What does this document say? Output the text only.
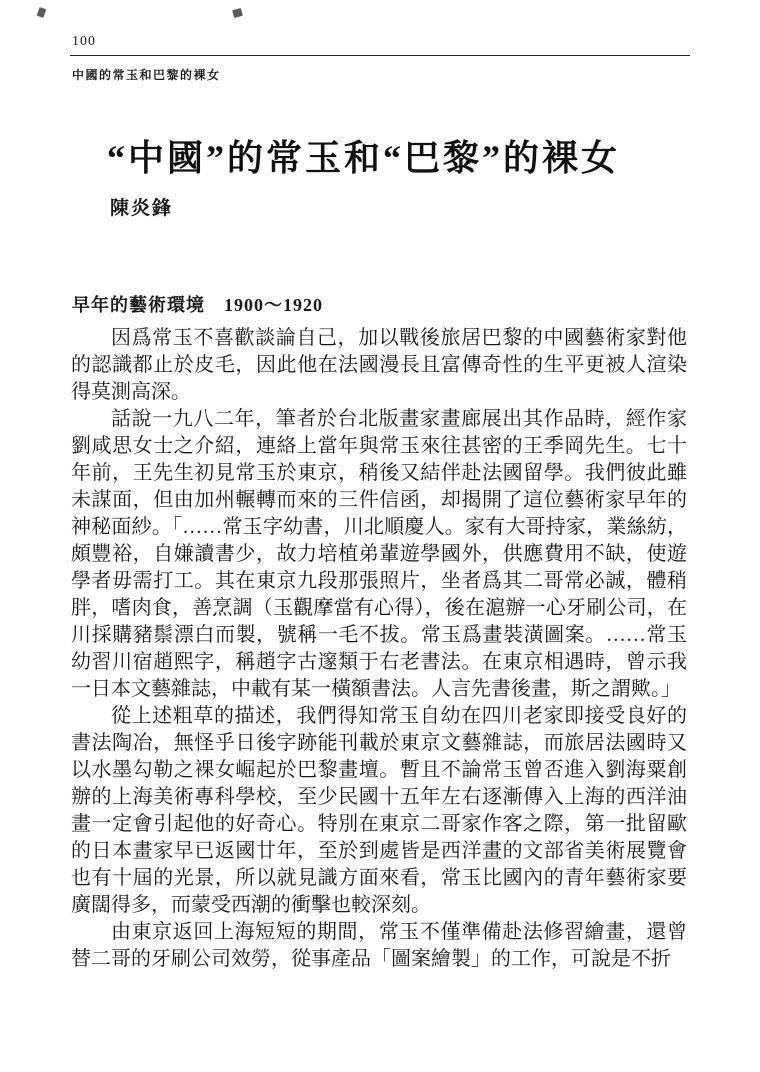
100
中國的常玉和巴黎的裸女
“中國”的常玉和“巴黎”的裸女
陳炎鋒
早年的藝術環境　1900～1920

因爲常玉不喜歡談論自己，加以戰後旅居巴黎的中國藝術家對他的認識都止於皮毛，因此他在法國漫長且富傳奇性的生平更被人渲染得莫測高深。

話說一九八二年，筆者於台北版畫家畫廊展出其作品時，經作家劉咸思女士之介紹，連絡上當年與常玉來往甚密的王季岡先生。七十年前，王先生初見常玉於東京，稍後又結伴赴法國留學。我們彼此雖未謀面，但由加州輾轉而來的三件信函，却揭開了這位藝術家早年的神秘面紗。「……常玉字幼書，川北順慶人。家有大哥持家，業絲紡，頗豐裕，自嫌讀書少，故力培植弟輩遊學國外，供應費用不缺，使遊學者毋需打工。其在東京九段那張照片，坐者爲其二哥常必誠，體稍胖，嗜肉食，善烹調（玉觀摩當有心得），後在滬辦一心牙刷公司，在川採購豬鬃漂白而製，號稱一毛不拔。常玉爲畫裝潢圖案。……常玉幼習川宿趙熙字，稱趙字古邃類于右老書法。在東京相遇時，曾示我一日本文藝雜誌，中載有某一橫額書法。人言先書後畫，斯之謂歟。」

從上述粗草的描述，我們得知常玉自幼在四川老家即接受良好的書法陶冶，無怪乎日後字跡能刊載於東京文藝雜誌，而旅居法國時又以水墨勾勒之裸女崛起於巴黎畫壇。暫且不論常玉曾否進入劉海粟創辦的上海美術專科學校，至少民國十五年左右逐漸傳入上海的西洋油畫一定會引起他的好奇心。特別在東京二哥家作客之際，第一批留歐的日本畫家早已返國廿年，至於到處皆是西洋畫的文部省美術展覽會也有十屆的光景，所以就見識方面來看，常玉比國內的青年藝術家要廣闊得多，而蒙受西潮的衝擊也較深刻。

由東京返回上海短短的期間，常玉不僅準備赴法修習繪畫，還曾替二哥的牙刷公司效勞，從事產品「圖案繪製」的工作，可說是不折
